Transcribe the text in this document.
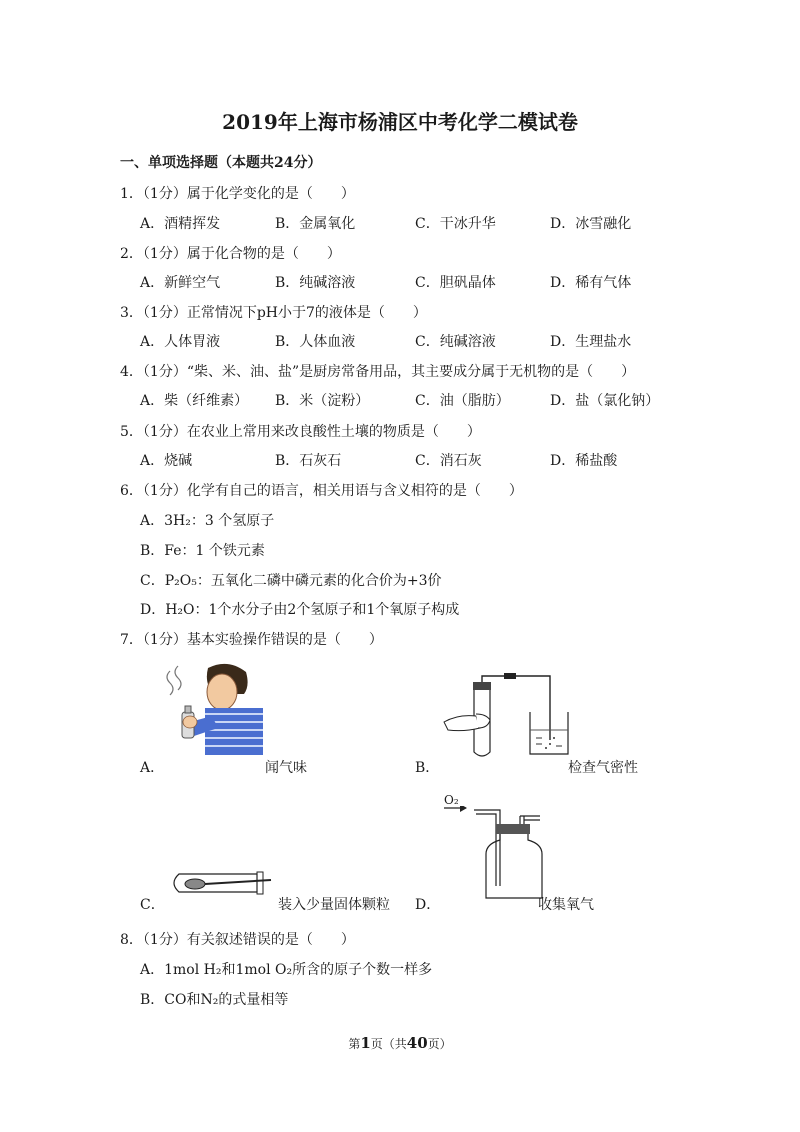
2019年上海市杨浦区中考化学二模试卷
一、单项选择题（本题共24分）
1．（1分）属于化学变化的是（　　）
A．酒精挥发	B．金属氧化	C．干冰升华	D．冰雪融化
2．（1分）属于化合物的是（　　）
A．新鲜空气	B．纯碱溶液	C．胆矾晶体	D．稀有气体
3．（1分）正常情况下pH小于7的液体是（　　）
A．人体胃液	B．人体血液	C．纯碱溶液	D．生理盐水
4．（1分）“柴、米、油、盐”是厨房常备用品，其主要成分属于无机物的是（　　）
A．柴（纤维素） B．米（淀粉）	C．油（脂肪）	D．盐（氯化钠）
5．（1分）在农业上常用来改良酸性土壤的物质是（　　）
A．烧碱	B．石灰石	C．消石灰	D．稀盐酸
6．（1分）化学有自己的语言，相关用语与含义相符的是（　　）
A．3H₂：3 个氢原子
B．Fe：1 个铁元素
C．P₂O₅：五氧化二磷中磷元素的化合价为+3价
D．H₂O：1个水分子由2个氢原子和1个氧原子构成
7．（1分）基本实验操作错误的是（　　）
A．	闻气味	B．	检查气密性
C．	装入少量固体颗粒
O₂
D．	收集氧气
8．（1分）有关叙述错误的是（　　）
A．1mol H₂和1mol O₂所含的原子个数一样多
B．CO和N₂的式量相等
第1页（共40页）
